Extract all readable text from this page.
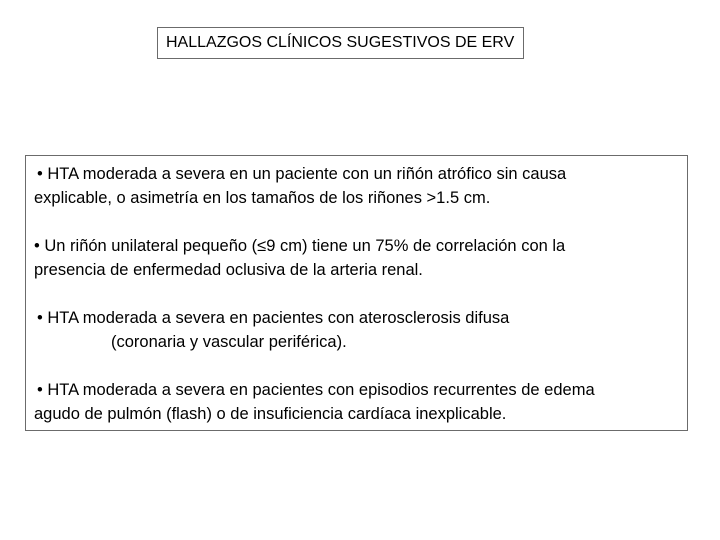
HALLAZGOS CLÍNICOS SUGESTIVOS DE ERV
• HTA moderada a severa en un paciente con un riñón atrófico sin causa
explicable, o asimetría en los tamaños de los riñones >1.5 cm.
• Un riñón unilateral pequeño (≤9 cm) tiene un 75% de correlación con la
presencia de enfermedad oclusiva de la arteria renal.
• HTA moderada a severa en pacientes con aterosclerosis difusa
(coronaria y vascular periférica).
• HTA moderada a severa en pacientes con episodios recurrentes de edema
agudo de pulmón (flash) o de insuficiencia cardíaca inexplicable.
